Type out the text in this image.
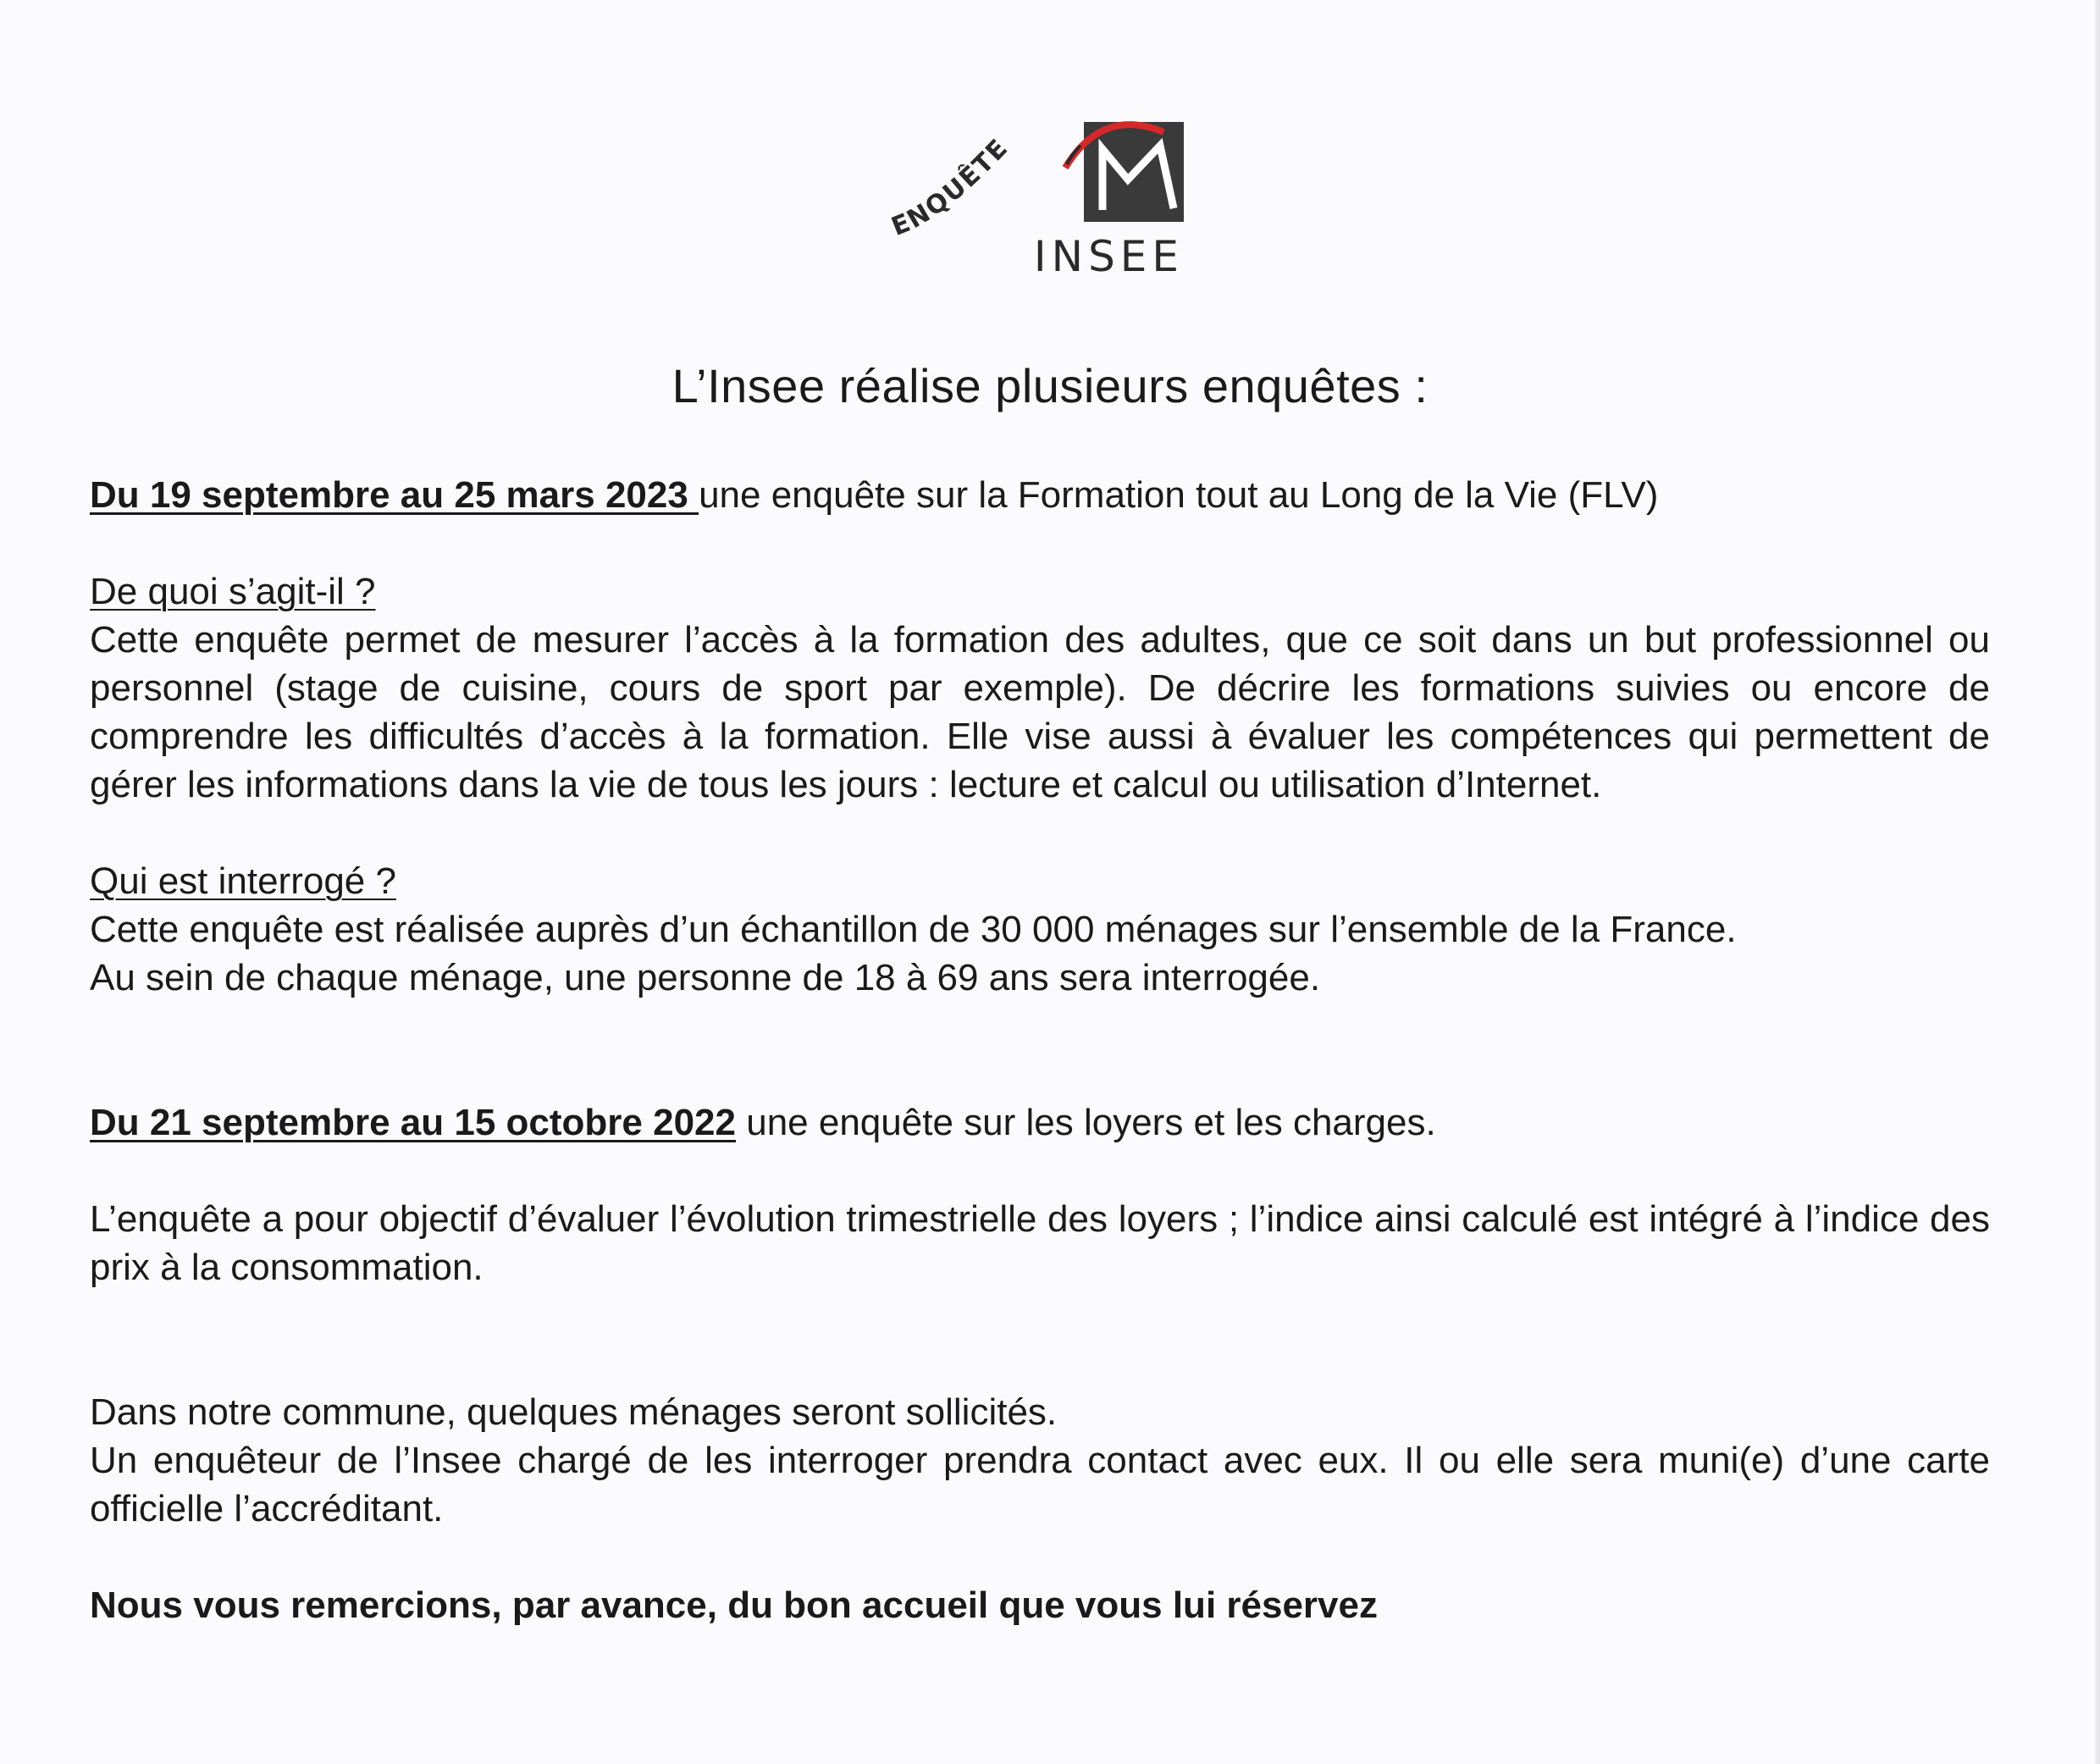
ENQUÊTE
INSEE
L’Insee réalise plusieurs enquêtes :

Du 19 septembre au 25 mars 2023 une enquête sur la Formation tout au Long de la Vie (FLV)

De quoi s’agit-il ?

Cette enquête permet de mesurer l’accès à la formation des adultes, que ce soit dans un but professionnel ou personnel (stage de cuisine, cours de sport par exemple). De décrire les formations suivies ou encore de comprendre les difficultés d’accès à la formation. Elle vise aussi à évaluer les compétences qui permettent de gérer les informations dans la vie de tous les jours : lecture et calcul ou utilisation d’Internet.

Qui est interrogé ?

Cette enquête est réalisée auprès d’un échantillon de 30 000 ménages sur l’ensemble de la France.

Au sein de chaque ménage, une personne de 18 à 69 ans sera interrogée.

Du 21 septembre au 15 octobre 2022 une enquête sur les loyers et les charges.

L’enquête a pour objectif d’évaluer l’évolution trimestrielle des loyers ; l’indice ainsi calculé est intégré à l’indice des prix à la consommation.

Dans notre commune, quelques ménages seront sollicités.

Un enquêteur de l’Insee chargé de les interroger prendra contact avec eux. Il ou elle sera muni(e) d’une carte officielle l’accréditant.

Nous vous remercions, par avance, du bon accueil que vous lui réservez
